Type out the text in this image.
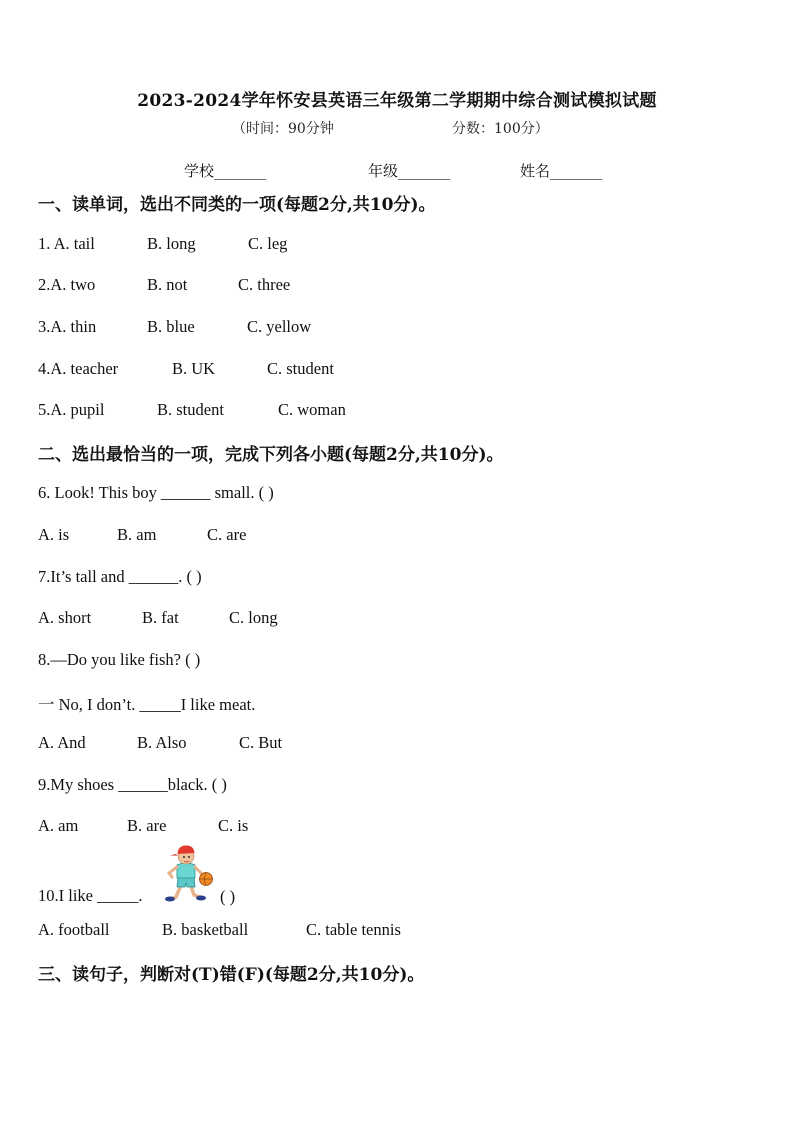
2023-2024学年怀安县英语三年级第二学期期中综合测试模拟试题
（时间：90分钟	分数：100分）
学校_______	年级_______	姓名_______
一、读单词，选出不同类的一项(每题2分,共10分)。
1. A. tail	B. long	C. leg
2.A. two	B. not	C. three
3.A. thin	B. blue	C. yellow
4.A. teacher	B. UK	C. student
5.A. pupil	B. student	C. woman
二、选出最恰当的一项，完成下列各小题(每题2分,共10分)。
6. Look! This boy ______ small. ( )
A. is	B. am	C. are
7.It’s tall and ______. ( )
A. short	B. fat	C. long
8.—Do you like fish? ( )
一 No, I don’t. _____I like meat.
A. And	B. Also	C. But
9.My shoes ______black. ( )
A. am	B. are	C. is
10.I like _____.	( )
A. football	B. basketball	C. table tennis
三、读句子，判断对(T)错(F)(每题2分,共10分)。
